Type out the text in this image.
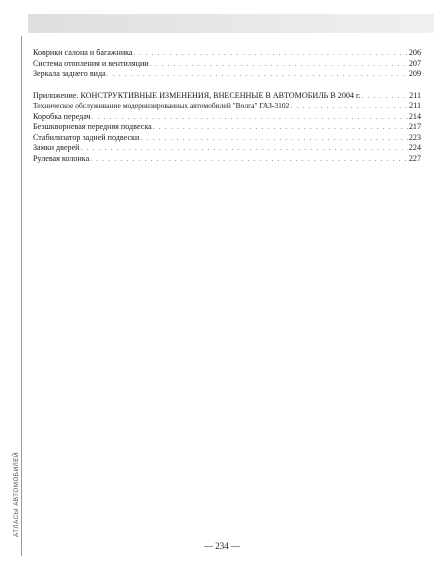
АТЛАСЫ АВТОМОБИЛЕЙ
Коврики салона и багажника . . .	206
Система отопления и вентиляции . . .	207
Зеркала заднего вида . . .	209
Приложение. КОНСТРУКТИВНЫЕ ИЗМЕНЕНИЯ, ВНЕСЕННЫЕ В АВТОМОБИЛЬ В 2004 г. . . .	211
Техническое обслуживание модернизированных автомобилей "Волга" ГАЗ-3102 . . .	211
Коробка передач . . .	214
Безшкворневая передняя подвеска . . .	217
Стабилизатор задней подвески . . .	223
Замки дверей . . .	224
Рулевая колонка . . .	227
— 234 —
